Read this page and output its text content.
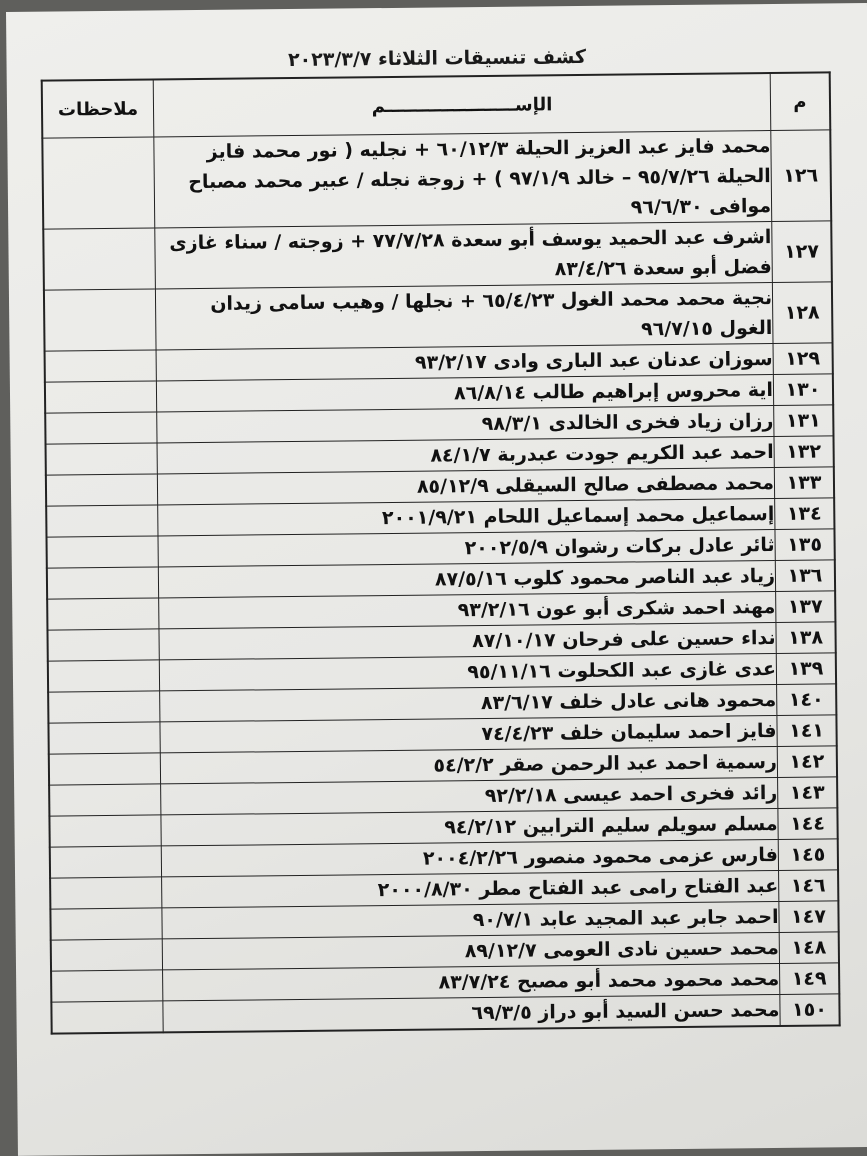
كشف تنسيقات الثلاثاء ٢٠٢٣/٣/٧
م	الإســـــــــــــــــــــم	ملاحظات
١٢٦	محمد فايز عبد العزيز الحيلة ٦٠/١٢/٣ + نجليه ( نور محمد فايز الحيلة ٩٥/٧/٢٦ – خالد ٩٧/١/٩ ) + زوجة نجله / عبير محمد مصباح موافى ٩٦/٦/٣٠	
١٢٧	اشرف عبد الحميد يوسف أبو سعدة ٧٧/٧/٢٨ + زوجته / سناء غازى فضل أبو سعدة ٨٣/٤/٢٦	
١٢٨	نجية محمد محمد الغول ٦٥/٤/٢٣ + نجلها / وهيب سامى زيدان الغول ٩٦/٧/١٥	
١٢٩	سوزان عدنان عبد البارى وادى ٩٣/٢/١٧	
١٣٠	اية محروس إبراهيم طالب ٨٦/٨/١٤	
١٣١	رزان زياد فخرى الخالدى ٩٨/٣/١	
١٣٢	احمد عبد الكريم جودت عبدربة ٨٤/١/٧	
١٣٣	محمد مصطفى صالح السيقلى ٨٥/١٢/٩	
١٣٤	إسماعيل محمد إسماعيل اللحام ٢٠٠١/٩/٢١	
١٣٥	ثائر عادل بركات رشوان ٢٠٠٢/٥/٩	
١٣٦	زياد عبد الناصر محمود كلوب ٨٧/٥/١٦	
١٣٧	مهند احمد شكرى أبو عون ٩٣/٢/١٦	
١٣٨	نداء حسين على فرحان ٨٧/١٠/١٧	
١٣٩	عدى غازى عبد الكحلوت ٩٥/١١/١٦	
١٤٠	محمود هانى عادل خلف ٨٣/٦/١٧	
١٤١	فايز احمد سليمان خلف ٧٤/٤/٢٣	
١٤٢	رسمية احمد عبد الرحمن صقر ٥٤/٢/٢	
١٤٣	رائد فخرى احمد عيسى ٩٢/٢/١٨	
١٤٤	مسلم سويلم سليم الترابين ٩٤/٢/١٢	
١٤٥	فارس عزمى محمود منصور ٢٠٠٤/٢/٢٦	
١٤٦	عبد الفتاح رامى عبد الفتاح مطر ٢٠٠٠/٨/٣٠	
١٤٧	احمد جابر عبد المجيد عابد ٩٠/٧/١	
١٤٨	محمد حسين نادى العومى ٨٩/١٢/٧	
١٤٩	محمد محمود محمد أبو مصبح ٨٣/٧/٢٤	
١٥٠	محمد حسن السيد أبو دراز ٦٩/٣/٥	
